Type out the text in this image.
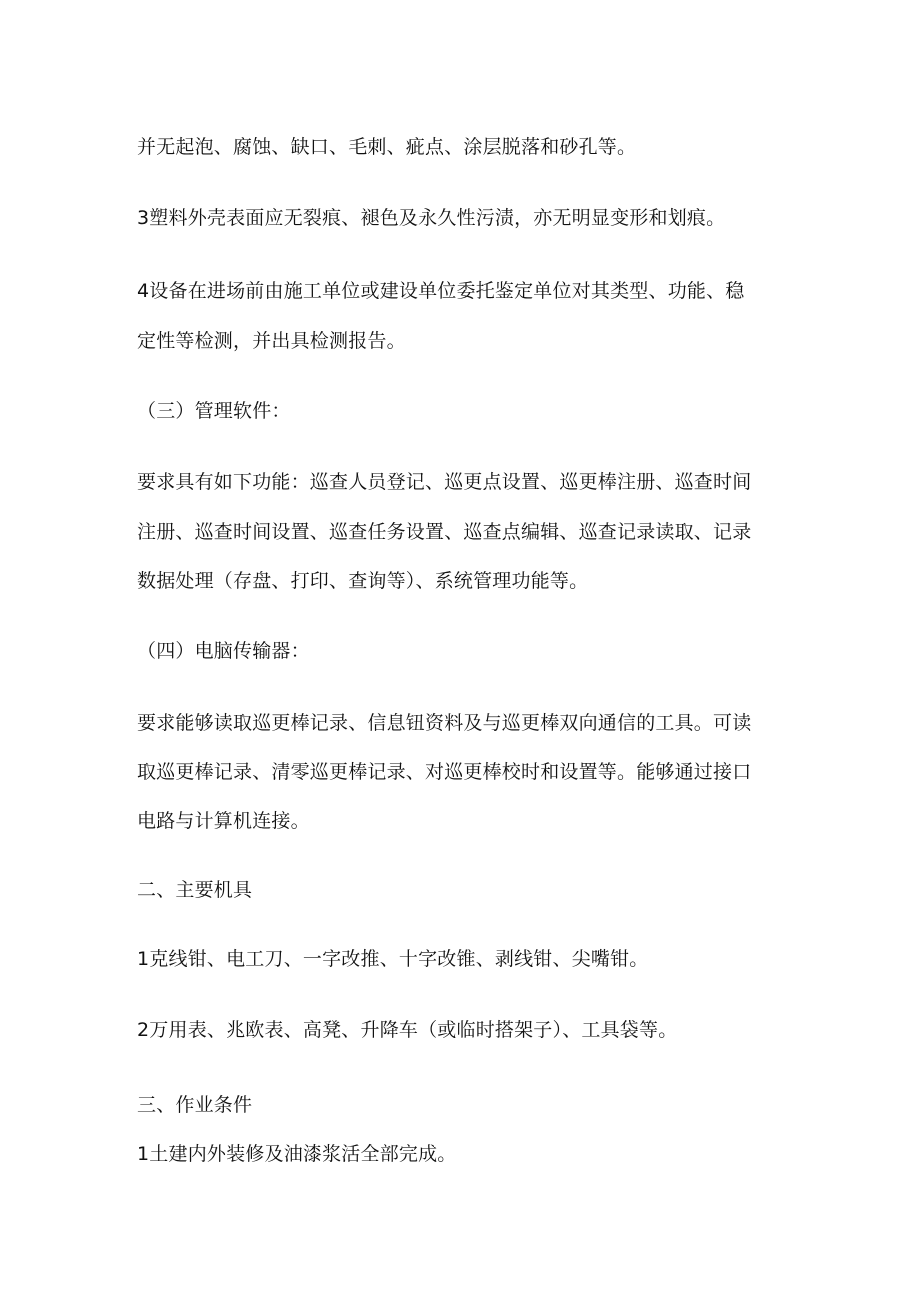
并无起泡、腐蚀、缺口、毛刺、疵点、涂层脱落和砂孔等。
3塑料外壳表面应无裂痕、褪色及永久性污渍，亦无明显变形和划痕。
4设备在进场前由施工单位或建设单位委托鉴定单位对其类型、功能、稳
定性等检测，并出具检测报告。
（三）管理软件：
要求具有如下功能：巡查人员登记、巡更点设置、巡更棒注册、巡查时间
注册、巡查时间设置、巡查任务设置、巡查点编辑、巡查记录读取、记录
数据处理（存盘、打印、查询等）、系统管理功能等。
（四）电脑传输器：
要求能够读取巡更棒记录、信息钮资料及与巡更棒双向通信的工具。可读
取巡更棒记录、清零巡更棒记录、对巡更棒校时和设置等。能够通过接口
电路与计算机连接。
二、主要机具
1克线钳、电工刀、一字改推、十字改锥、剥线钳、尖嘴钳。
2万用表、兆欧表、高凳、升降车（或临时搭架子）、工具袋等。
三、作业条件
1土建内外装修及油漆浆活全部完成。
